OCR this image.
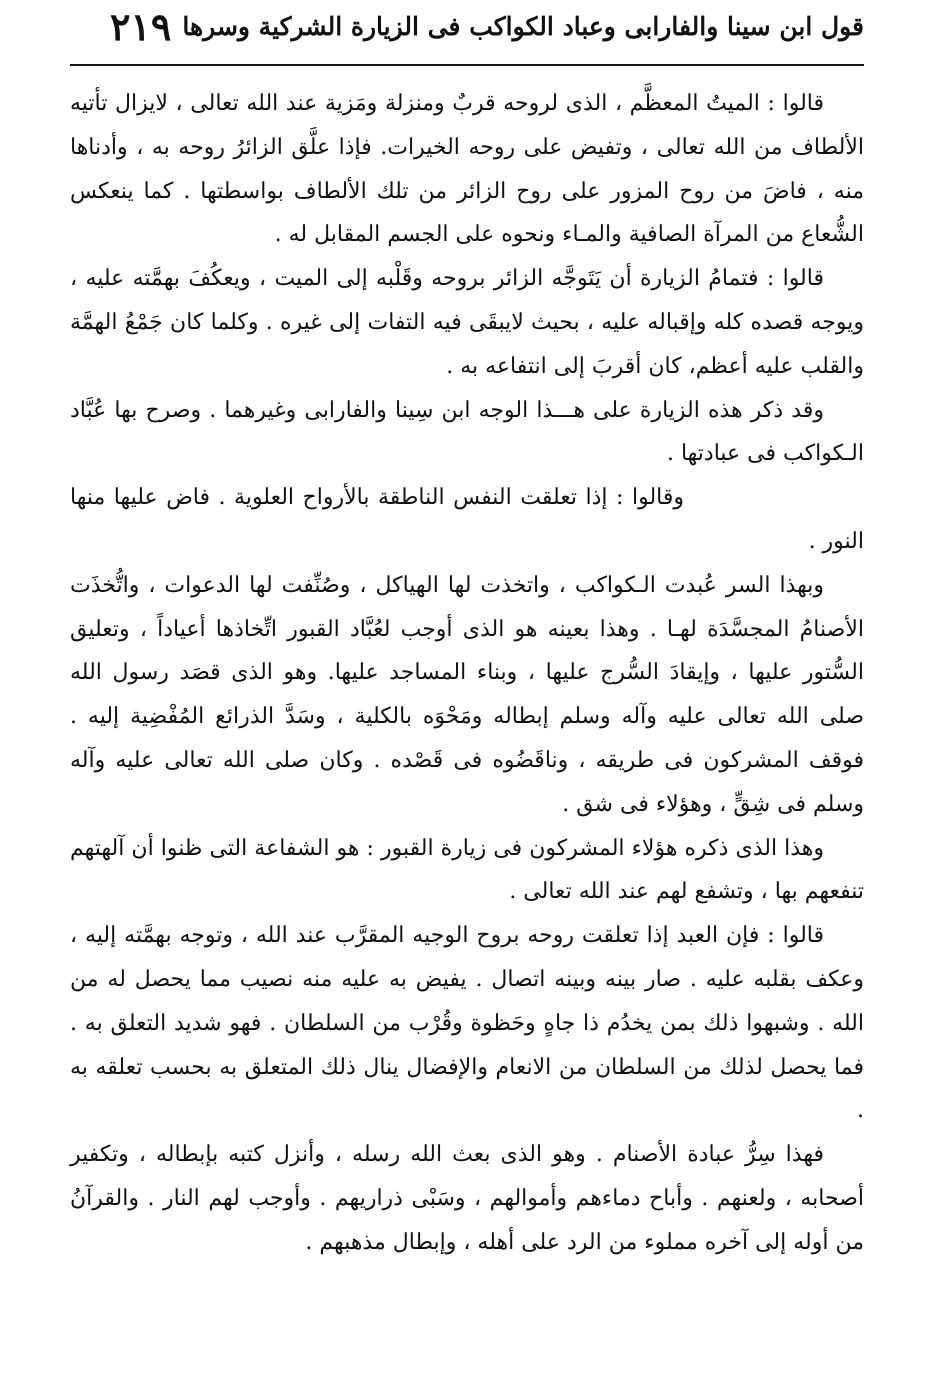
قول ابن سينا والفارابى وعباد الكواكب فى الزيارة الشركية وسرها
٢١٩

قالوا : الميتُ المعظَّم ، الذى لروحه قربٌ ومنزلة ومَزية عند الله تعالى ، لايزال تأتيه الألطاف من الله تعالى ، وتفيض على روحه الخيرات. فإذا علَّق الزائرُ روحه به ، وأدناها منه ، فاضَ من روح المزور على روح الزائر من تلك الألطاف بواسطتها . كما ينعكس الشُّعاع من المرآة الصافية والمـاء ونحوه على الجسم المقابل له .

قالوا : فتمامُ الزيارة أن يَتَوجَّه الزائر بروحه وقَلْبه إلى الميت ، ويعكُفَ بهمَّته عليه ، ويوجه قصده كله وإقباله عليه ، بحيث لايبقَى فيه التفات إلى غيره . وكلما كان جَمْعُ الهمَّة والقلب عليه أعظم، كان أقربَ إلى انتفاعه به .

وقد ذكر هذه الزيارة على هـــذا الوجه ابن سِينا والفارابى وغيرهما . وصرح بها عُبَّاد الـكواكب فى عبادتها .

وقالوا : إذا تعلقت النفس الناطقة بالأرواح العلوية . فاض عليها منها النور .

وبهذا السر عُبدت الـكواكب ، واتخذت لها الهياكل ، وصُنِّفت لها الدعوات ، واتُّخذَت الأصنامُ المجسَّدَة لهـا . وهذا بعينه هو الذى أوجب لعُبَّاد القبور اتِّخاذها أعياداً ، وتعليق السُّتور عليها ، وإيقادَ السُّرج عليها ، وبناء المساجد عليها. وهو الذى قصَد رسول الله صلى الله تعالى عليه وآله وسلم إبطاله ومَحْوَه بالكلية ، وسَدَّ الذرائع المُفْضِية إليه . فوقف المشركون فى طريقه ، وناقَضُوه فى قَصْده . وكان صلى الله تعالى عليه وآله وسلم فى شِقٍّ ، وهؤلاء فى شق .

وهذا الذى ذكره هؤلاء المشركون فى زيارة القبور : هو الشفاعة التى ظنوا أن آلهتهم تنفعهم بها ، وتشفع لهم عند الله تعالى .

قالوا : فإن العبد إذا تعلقت روحه بروح الوجيه المقرَّب عند الله ، وتوجه بهمَّته إليه ، وعكف بقلبه عليه . صار بينه وبينه اتصال . يفيض به عليه منه نصيب مما يحصل له من الله . وشبهوا ذلك بمن يخدُم ذا جاهٍ وحَظوة وقُرْب من السلطان . فهو شديد التعلق به . فما يحصل لذلك من السلطان من الانعام والإفضال ينال ذلك المتعلق به بحسب تعلقه به .

فهذا سِرُّ عبادة الأصنام . وهو الذى بعث الله رسله ، وأنزل كتبه بإبطاله ، وتكفير أصحابه ، ولعنهم . وأباح دماءهم وأموالهم ، وسَبْى ذراريهم . وأوجب لهم النار . والقرآنُ من أوله إلى آخره مملوء من الرد على أهله ، وإبطال مذهبهم .
